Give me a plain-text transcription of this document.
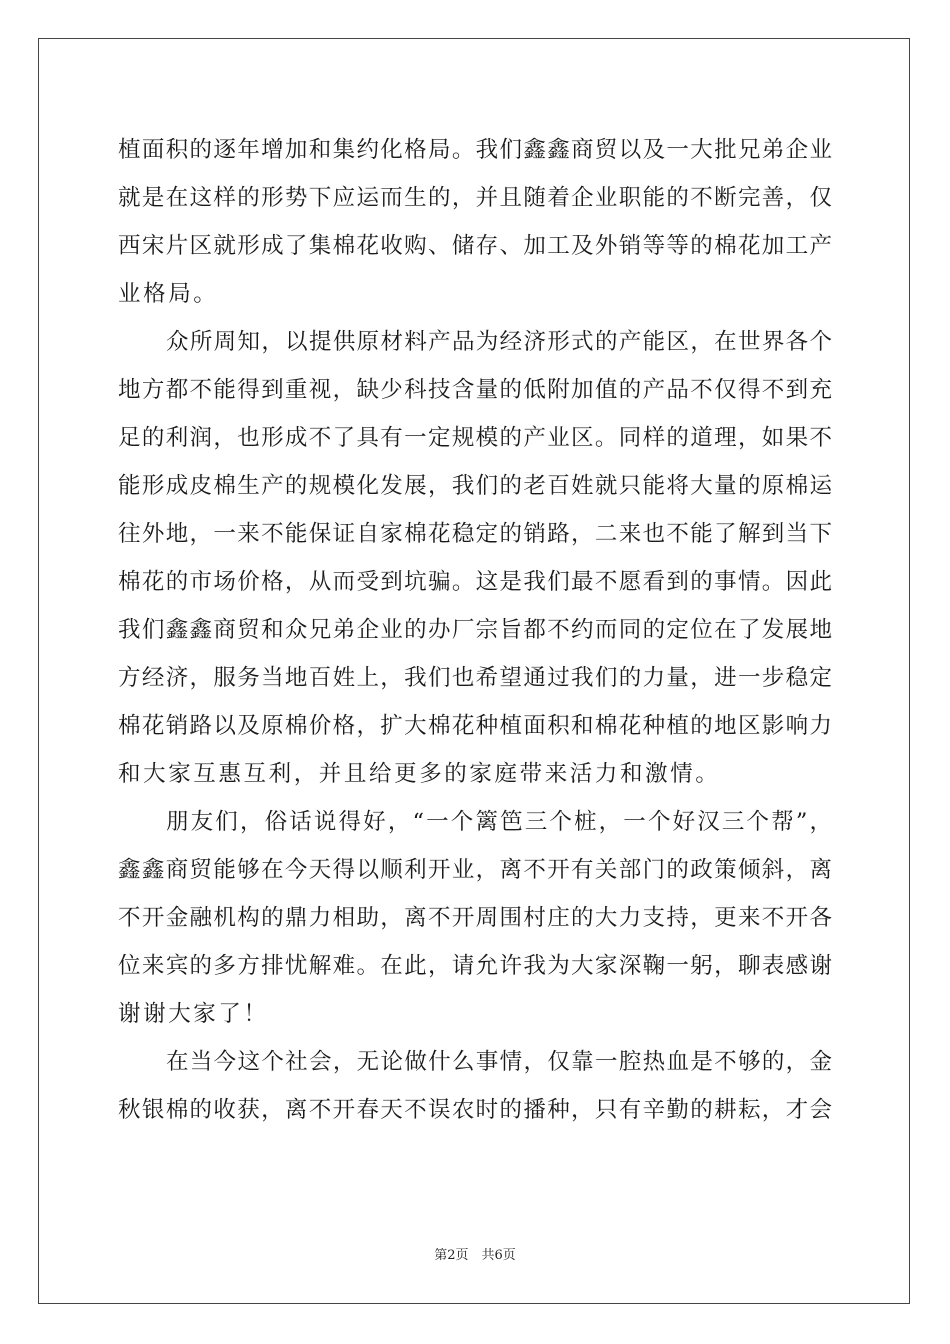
植面积的逐年增加和集约化格局。我们鑫鑫商贸以及一大批兄弟企业
就是在这样的形势下应运而生的，并且随着企业职能的不断完善，仅
西宋片区就形成了集棉花收购、储存、加工及外销等等的棉花加工产
业格局。
众所周知，以提供原材料产品为经济形式的产能区，在世界各个
地方都不能得到重视，缺少科技含量的低附加值的产品不仅得不到充
足的利润，也形成不了具有一定规模的产业区。同样的道理，如果不
能形成皮棉生产的规模化发展，我们的老百姓就只能将大量的原棉运
往外地，一来不能保证自家棉花稳定的销路，二来也不能了解到当下
棉花的市场价格，从而受到坑骗。这是我们最不愿看到的事情。因此
我们鑫鑫商贸和众兄弟企业的办厂宗旨都不约而同的定位在了发展地
方经济，服务当地百姓上，我们也希望通过我们的力量，进一步稳定
棉花销路以及原棉价格，扩大棉花种植面积和棉花种植的地区影响力
和大家互惠互利，并且给更多的家庭带来活力和激情。
朋友们，俗话说得好，“一个篱笆三个桩，一个好汉三个帮”，
鑫鑫商贸能够在今天得以顺利开业，离不开有关部门的政策倾斜，离
不开金融机构的鼎力相助，离不开周围村庄的大力支持，更来不开各
位来宾的多方排忧解难。在此，请允许我为大家深鞠一躬，聊表感谢
谢谢大家了！
在当今这个社会，无论做什么事情，仅靠一腔热血是不够的，金
秋银棉的收获，离不开春天不误农时的播种，只有辛勤的耕耘，才会
第2页　共6页
